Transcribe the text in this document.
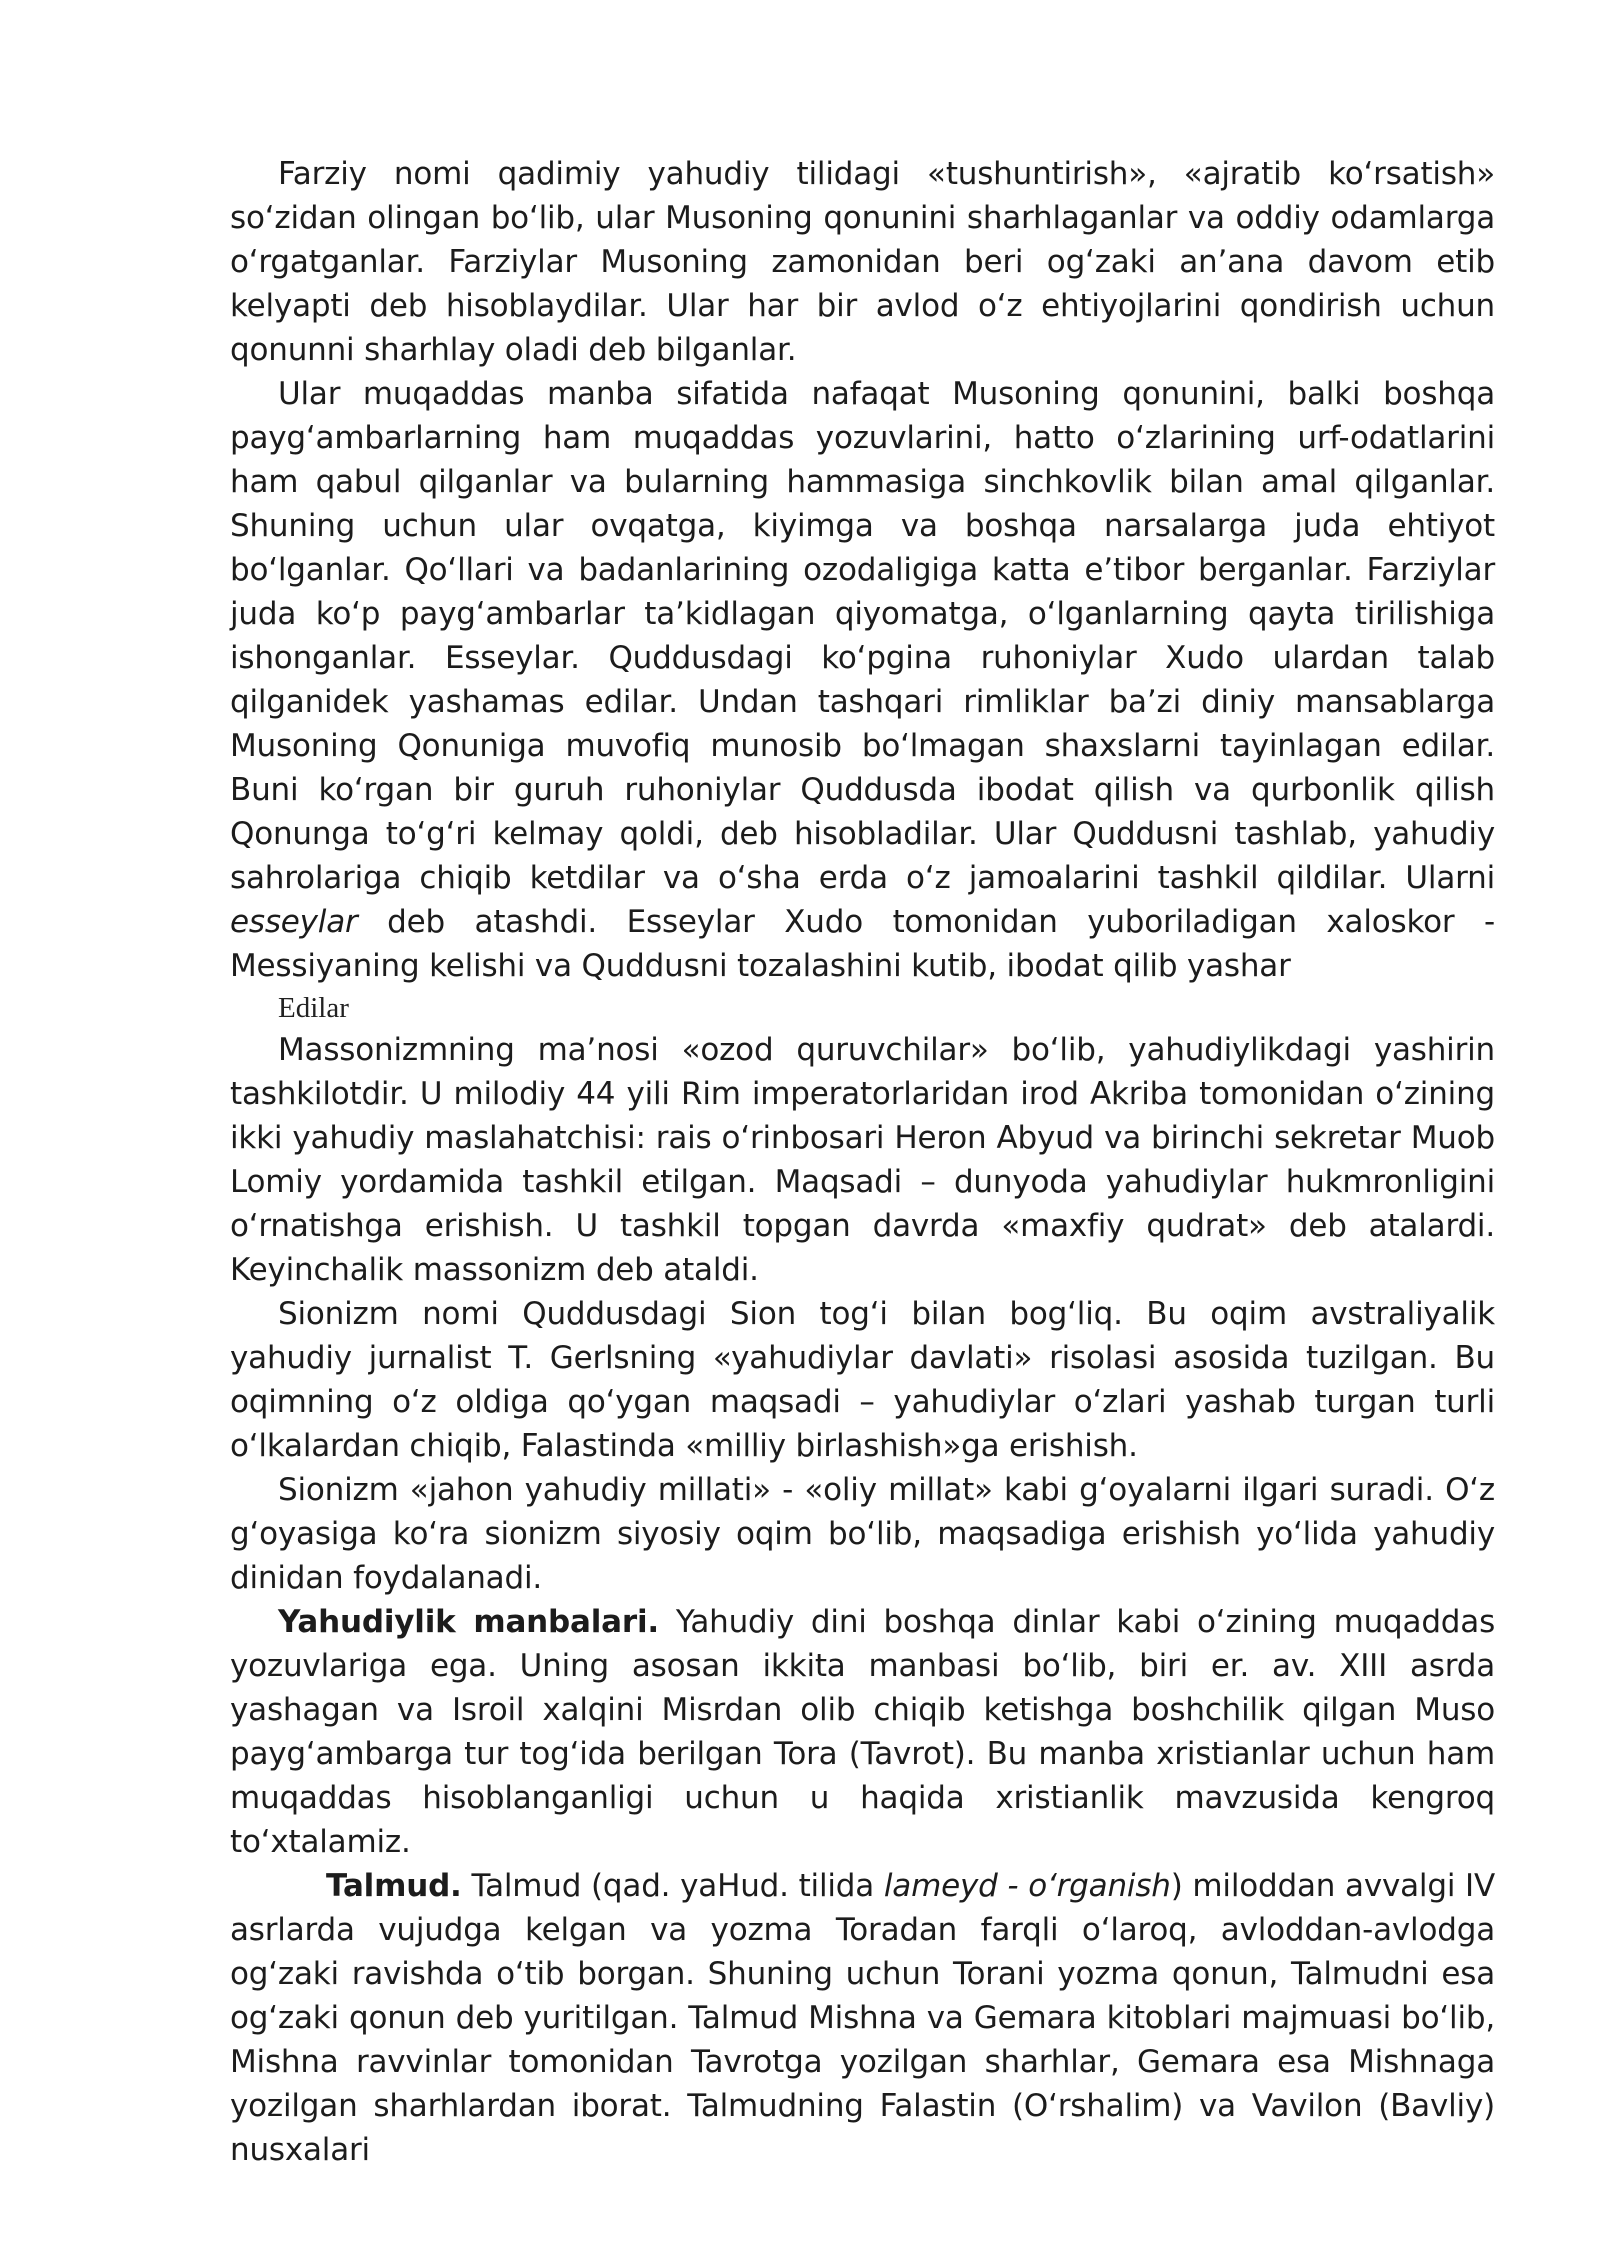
Farziy nomi qadimiy yahudiy tilidagi «tushuntirish», «ajratib ko‘rsatish» so‘zidan olingan bo‘lib, ular Musoning qonunini sharhlaganlar va oddiy odamlarga o‘rgatganlar. Farziylar Musoning zamonidan beri og‘zaki an’ana davom etib kelyapti deb hisoblaydilar. Ular har bir avlod o‘z ehtiyojlarini qondirish uchun qonunni sharhlay oladi deb bilganlar.

Ular muqaddas manba sifatida nafaqat Musoning qonunini, balki boshqa payg‘ambarlarning ham muqaddas yozuvlarini, hatto o‘zlarining urf-odatlarini ham qabul qilganlar va bularning hammasiga sinchkovlik bilan amal qilganlar. Shuning uchun ular ovqatga, kiyimga va boshqa narsalarga juda ehtiyot bo‘lganlar. Qo‘llari va badanlarining ozodaligiga katta e’tibor berganlar. Farziylar juda ko‘p payg‘ambarlar ta’kidlagan qiyomatga, o‘lganlarning qayta tirilishiga ishonganlar. Esseylar. Quddusdagi ko‘pgina ruhoniylar Xudo ulardan talab qilganidek yashamas edilar. Undan tashqari rimliklar ba’zi diniy mansablarga Musoning Qonuniga muvofiq munosib bo‘lmagan shaxslarni tayinlagan edilar. Buni ko‘rgan bir guruh ruhoniylar Quddusda ibodat qilish va qurbonlik qilish Qonunga to‘g‘ri kelmay qoldi, deb hisobladilar. Ular Quddusni tashlab, yahudiy sahrolariga chiqib ketdilar va o‘sha erda o‘z jamoalarini tashkil qildilar. Ularni esseylar deb atashdi. Esseylar Xudo tomonidan yuboriladigan xaloskor - Messiyaning kelishi va Quddusni tozalashini kutib, ibodat qilib yashar

Edilar

Massonizmning ma’nosi «ozod quruvchilar» bo‘lib, yahudiylikdagi yashirin tashkilotdir. U milodiy 44 yili Rim imperatorlaridan irod Akriba tomonidan o‘zining ikki yahudiy maslahatchisi: rais o‘rinbosari Heron Abyud va birinchi sekretar Muob Lomiy yordamida tashkil etilgan. Maqsadi – dunyoda yahudiylar hukmronligini o‘rnatishga erishish. U tashkil topgan davrda «maxfiy qudrat» deb atalardi. Keyinchalik massonizm deb ataldi.

Sionizm nomi Quddusdagi Sion tog‘i bilan bog‘liq. Bu oqim avstraliyalik yahudiy jurnalist T. Gerlsning «yahudiylar davlati» risolasi asosida tuzilgan. Bu oqimning o‘z oldiga qo‘ygan maqsadi – yahudiylar o‘zlari yashab turgan turli o‘lkalardan chiqib, Falastinda «milliy birlashish»ga erishish.

Sionizm «jahon yahudiy millati» - «oliy millat» kabi g‘oyalarni ilgari suradi. O‘z g‘oyasiga ko‘ra sionizm siyosiy oqim bo‘lib, maqsadiga erishish yo‘lida yahudiy dinidan foydalanadi.

Yahudiylik manbalari. Yahudiy dini boshqa dinlar kabi o‘zining muqaddas yozuvlariga ega. Uning asosan ikkita manbasi bo‘lib, biri er. av. XIII asrda yashagan va Isroil xalqini Misrdan olib chiqib ketishga boshchilik qilgan Muso payg‘ambarga tur tog‘ida berilgan Tora (Tavrot). Bu manba xristianlar uchun ham muqaddas hisoblanganligi uchun u haqida xristianlik mavzusida kengroq to‘xtalamiz.

Talmud. Talmud (qad. yaHud. tilida lameyd - o‘rganish) miloddan avvalgi IV asrlarda vujudga kelgan va yozma Toradan farqli o‘laroq, avloddan-avlodga og‘zaki ravishda o‘tib borgan. Shuning uchun Torani yozma qonun, Talmudni esa og‘zaki qonun deb yuritilgan. Talmud Mishna va Gemara kitoblari majmuasi bo‘lib, Mishna ravvinlar tomonidan Tavrotga yozilgan sharhlar, Gemara esa Mishnaga yozilgan sharhlardan iborat. Talmudning Falastin (O‘rshalim) va Vavilon (Bavliy) nusxalari
